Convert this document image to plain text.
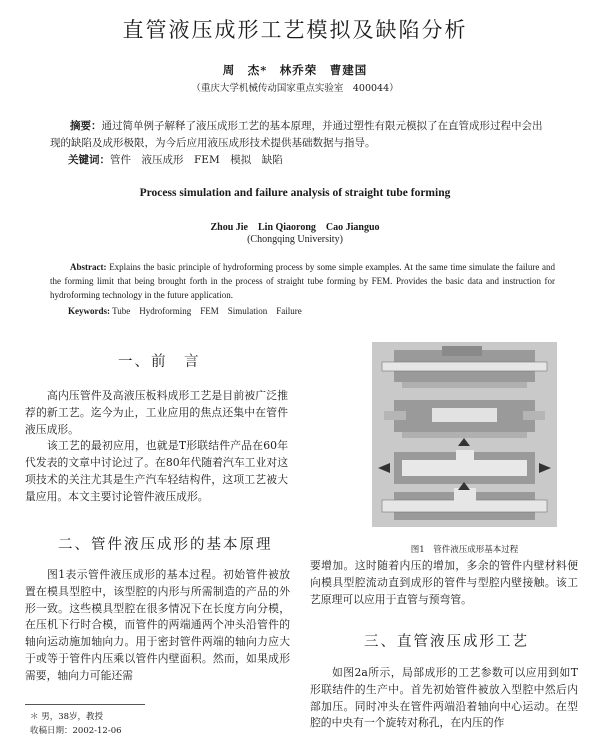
直管液压成形工艺模拟及缺陷分析
周　杰*　林乔荣　曹建国
（重庆大学机械传动国家重点实验室　400044）
摘要：通过简单例子解释了液压成形工艺的基本原理，并通过塑性有限元模拟了在直管成形过程中会出现的缺陷及成形极限，为今后应用液压成形技术提供基础数据与指导。
关键词：管件　液压成形　FEM　模拟　缺陷
Process simulation and failure analysis of straight tube forming
Zhou Jie　Lin Qiaorong　Cao Jianguo
(Chongqing University)
Abstract: Explains the basic principle of hydroforming process by some simple examples. At the same time simulate the failure and the forming limit that being brought forth in the process of straight tube forming by FEM. Provides the basic data and instruction for hydroforming technology in the future application.
Keywords: Tube　Hydroforming　FEM　Simulation　Failure
一、前　言

高内压管件及高液压板料成形工艺是目前被广泛推荐的新工艺。迄今为止，工业应用的焦点还集中在管件液压成形。

该工艺的最初应用，也就是T形联结件产品在60年代发表的文章中讨论过了。在80年代随着汽车工业对这项技术的关注尤其是生产汽车轻结构件，这项工艺被大量应用。本文主要讨论管件液压成形。

二、管件液压成形的基本原理

图1表示管件液压成形的基本过程。初始管件被放置在模具型腔中，该型腔的内形与所需制造的产品的外形一致。这些模具型腔在很多情况下在长度方向分模，在压机下行时合模，而管件的两端通两个冲头沿管件的轴向运动施加轴向力。用于密封管件两端的轴向力应大于或等于管件内压乘以管件内壁面积。然而，如果成形需要，轴向力可能还需

图1　管件液压成形基本过程
要增加。这时随着内压的增加，多余的管件内壁材料便向模具型腔流动直到成形的管件与型腔内壁接触。该工艺原理可以应用于直管与预弯管。
三、直管液压成形工艺

如图2a所示，局部成形的工艺参数可以应用到如T形联结件的生产中。首先初始管件被放入型腔中然后内部加压。同时冲头在管件两端沿着轴向中心运动。在型腔的中央有一个旋转对称孔，在内压的作

＊ 男，38岁，教授
收稿日期：2002-12-06
